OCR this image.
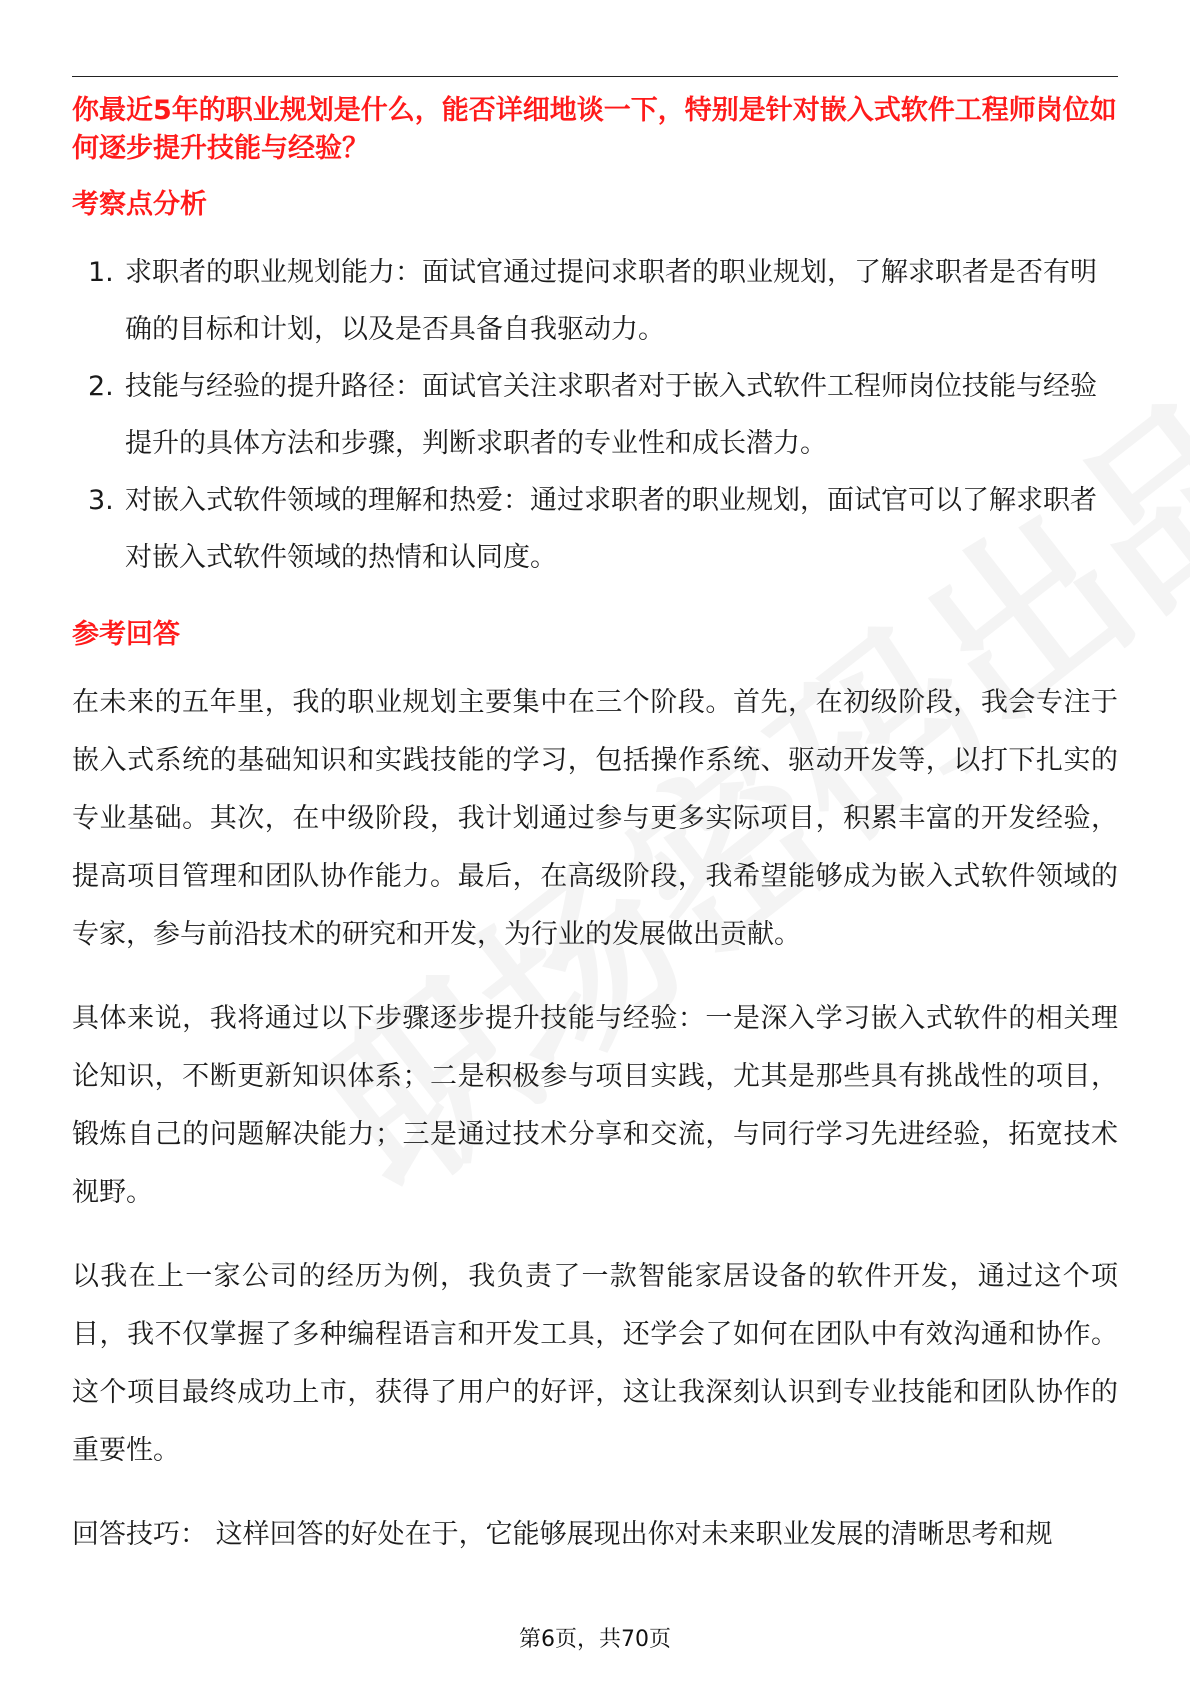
你最近5年的职业规划是什么，能否详细地谈一下，特别是针对嵌入式软件工程师岗位如何逐步提升技能与经验？
考察点分析
1. 求职者的职业规划能力：面试官通过提问求职者的职业规划，了解求职者是否有明确的目标和计划，以及是否具备自我驱动力。
2. 技能与经验的提升路径：面试官关注求职者对于嵌入式软件工程师岗位技能与经验提升的具体方法和步骤，判断求职者的专业性和成长潜力。
3. 对嵌入式软件领域的理解和热爱：通过求职者的职业规划，面试官可以了解求职者对嵌入式软件领域的热情和认同度。
参考回答

在未来的五年里，我的职业规划主要集中在三个阶段。首先，在初级阶段，我会专注于嵌入式系统的基础知识和实践技能的学习，包括操作系统、驱动开发等，以打下扎实的专业基础。其次，在中级阶段，我计划通过参与更多实际项目，积累丰富的开发经验，提高项目管理和团队协作能力。最后，在高级阶段，我希望能够成为嵌入式软件领域的专家，参与前沿技术的研究和开发，为行业的发展做出贡献。

具体来说，我将通过以下步骤逐步提升技能与经验：一是深入学习嵌入式软件的相关理论知识，不断更新知识体系；二是积极参与项目实践，尤其是那些具有挑战性的项目，锻炼自己的问题解决能力；三是通过技术分享和交流，与同行学习先进经验，拓宽技术视野。

以我在上一家公司的经历为例，我负责了一款智能家居设备的软件开发，通过这个项目，我不仅掌握了多种编程语言和开发工具，还学会了如何在团队中有效沟通和协作。这个项目最终成功上市，获得了用户的好评，这让我深刻认识到专业技能和团队协作的重要性。

回答技巧： 这样回答的好处在于，它能够展现出你对未来职业发展的清晰思考和规

第6页，共70页
